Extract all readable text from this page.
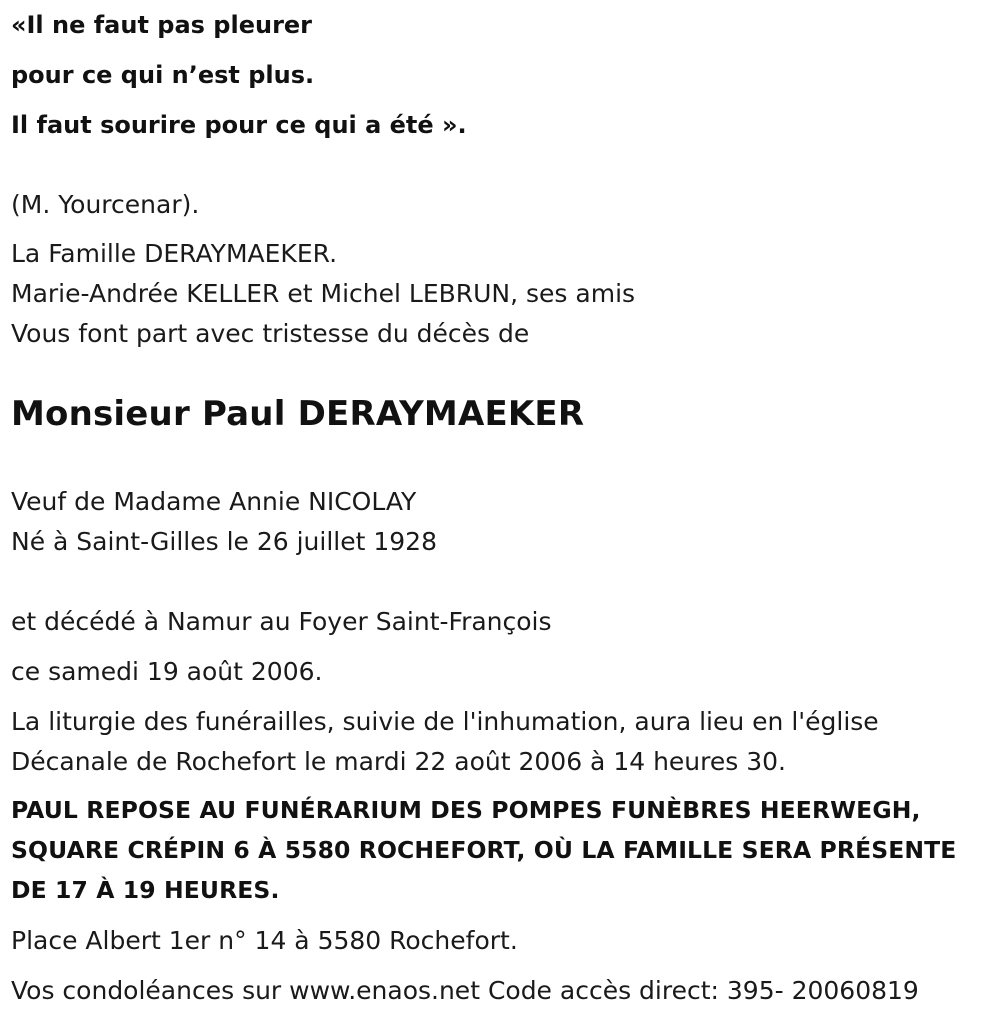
«Il ne faut pas pleurer
pour ce qui n’est plus.
Il faut sourire pour ce qui a été ».
(M. Yourcenar).
La Famille DERAYMAEKER.
Marie-Andrée KELLER et Michel LEBRUN, ses amis
Vous font part avec tristesse du décès de
Monsieur Paul DERAYMAEKER
Veuf de Madame Annie NICOLAY
Né à Saint-Gilles le 26 juillet 1928
et décédé à Namur au Foyer Saint-François
ce samedi 19 août 2006.
La liturgie des funérailles, suivie de l'inhumation, aura lieu en l'église
Décanale de Rochefort le mardi 22 août 2006 à 14 heures 30.
PAUL REPOSE AU FUNÉRARIUM DES POMPES FUNÈBRES HEERWEGH,
SQUARE CRÉPIN 6 À 5580 ROCHEFORT, OÙ LA FAMILLE SERA PRÉSENTE
DE 17 À 19 HEURES.
Place Albert 1er n° 14 à 5580 Rochefort.
Vos condoléances sur www.enaos.net Code accès direct: 395- 20060819
